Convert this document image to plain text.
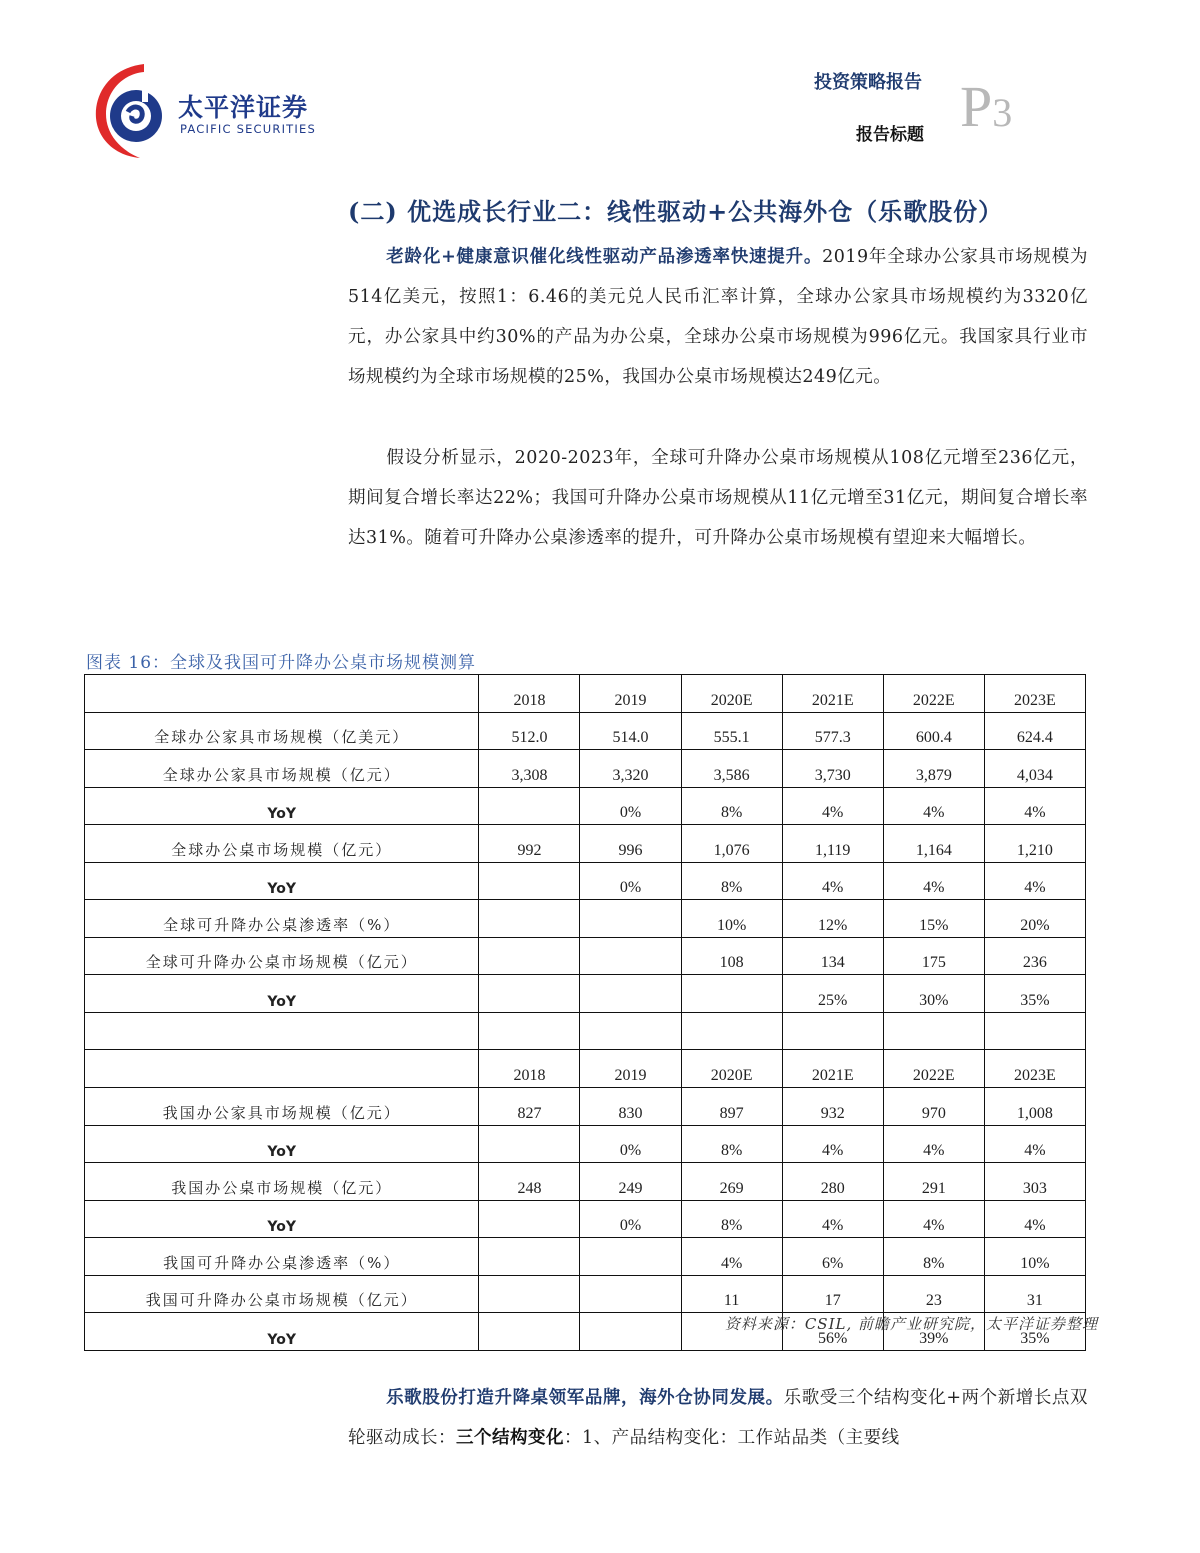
太平洋证券
PACIFIC SECURITIES
投资策略报告
报告标题 P3
(二) 优选成长行业二：线性驱动+公共海外仓（乐歌股份）
老龄化+健康意识催化线性驱动产品渗透率快速提升。2019年全球办公家具市场规模为514亿美元，按照1：6.46的美元兑人民币汇率计算，全球办公家具市场规模约为3320亿元，办公家具中约30%的产品为办公桌，全球办公桌市场规模为996亿元。我国家具行业市场规模约为全球市场规模的25%，我国办公桌市场规模达249亿元。
假设分析显示，2020-2023年，全球可升降办公桌市场规模从108亿元增至236亿元，期间复合增长率达22%；我国可升降办公桌市场规模从11亿元增至31亿元，期间复合增长率达31%。随着可升降办公桌渗透率的提升，可升降办公桌市场规模有望迎来大幅增长。
图表 16：全球及我国可升降办公桌市场规模测算
	2018	2019	2020E	2021E	2022E	2023E
全球办公家具市场规模（亿美元）	512.0	514.0	555.1	577.3	600.4	624.4
全球办公家具市场规模（亿元）	3,308	3,320	3,586	3,730	3,879	4,034
YoY		0%	8%	4%	4%	4%
全球办公桌市场规模（亿元）	992	996	1,076	1,119	1,164	1,210
YoY		0%	8%	4%	4%	4%
全球可升降办公桌渗透率（%）			10%	12%	15%	20%
全球可升降办公桌市场规模（亿元）			108	134	175	236
YoY				25%	30%	35%

	2018	2019	2020E	2021E	2022E	2023E
我国办公家具市场规模（亿元）	827	830	897	932	970	1,008
YoY		0%	8%	4%	4%	4%
我国办公桌市场规模（亿元）	248	249	269	280	291	303
YoY		0%	8%	4%	4%	4%
我国可升降办公桌渗透率（%）			4%	6%	8%	10%
我国可升降办公桌市场规模（亿元）			11	17	23	31
YoY				56%	39%	35%
资料来源：CSIL, 前瞻产业研究院，太平洋证券整理
乐歌股份打造升降桌领军品牌，海外仓协同发展。乐歌受三个结构变化+两个新增长点双轮驱动成长：三个结构变化：1、产品结构变化：工作站品类（主要线
